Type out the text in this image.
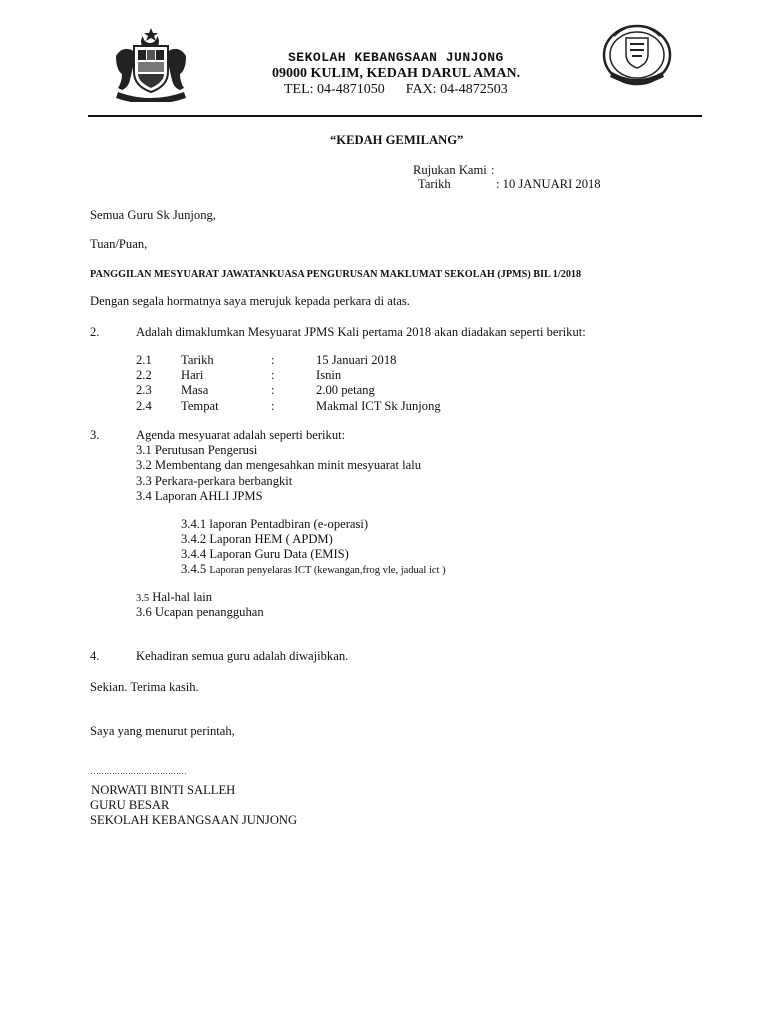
SEKOLAH KEBANGSAAN JUNJONG
09000 KULIM, KEDAH DARUL AMAN.
TEL: 04-4871050 FAX: 04-4872503
“KEDAH GEMILANG”
Rujukan Kami :
Tarikh	: 10 JANUARI 2018
Semua Guru Sk Junjong,
Tuan/Puan,
PANGGILAN MESYUARAT JAWATANKUASA PENGURUSAN MAKLUMAT SEKOLAH (JPMS) BIL 1/2018
Dengan segala hormatnya saya merujuk kepada perkara di atas.
2.	Adalah dimaklumkan Mesyuarat JPMS Kali pertama 2018 akan diadakan seperti berikut:
2.1 Tarikh	:	15 Januari 2018
2.2 Hari	:	Isnin
2.3 Masa	:	2.00 petang
2.4 Tempat	:	Makmal ICT Sk Junjong
3.	Agenda mesyuarat adalah seperti berikut:
3.1 Perutusan Pengerusi
3.2 Membentang dan mengesahkan minit mesyuarat lalu
3.3 Perkara-perkara berbangkit
3.4 Laporan AHLI JPMS
3.4.1 laporan Pentadbiran (e-operasi)
3.4.2 Laporan HEM ( APDM)
3.4.4 Laporan Guru Data (EMIS)
3.4.5 Laporan penyelaras ICT (kewangan,frog vle, jadual ict )
3.5 Hal-hal lain
3.6 Ucapan penangguhan
4.	Kehadiran semua guru adalah diwajibkan.
Sekian. Terima kasih.
Saya yang menurut perintah,
………………………………
NORWATI BINTI SALLEH
GURU BESAR
SEKOLAH KEBANGSAAN JUNJONG
